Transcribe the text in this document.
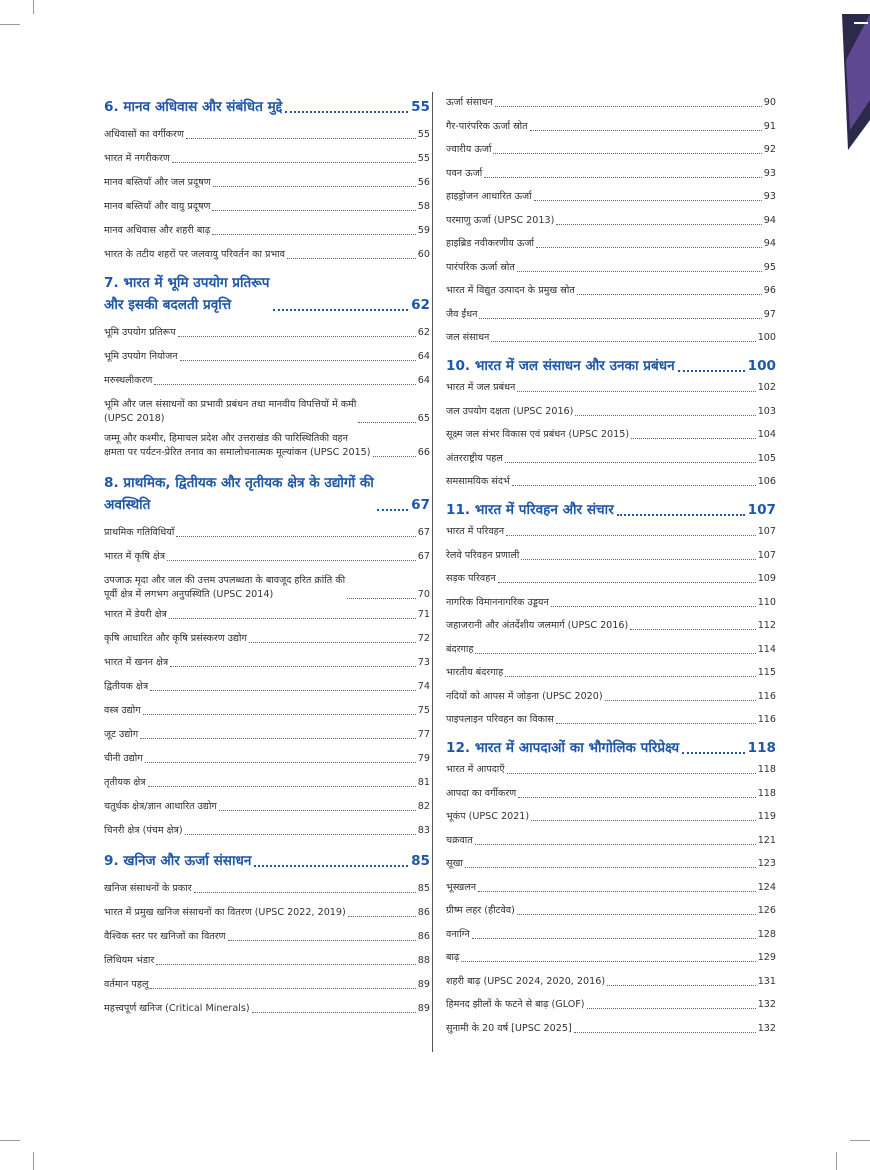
6. मानव अधिवास और संबंधित मुद्दे	55
अधिवासों का वर्गीकरण	55
भारत में नगरीकरण	55
मानव बस्तियाँ और जल प्रदूषण	56
मानव बस्तियाँ और वायु प्रदूषण	58
मानव अधिवास और शहरी बाढ़	59
भारत के तटीय शहरों पर जलवायु परिवर्तन का प्रभाव	60
7. भारत में भूमि उपयोग प्रतिरूप
और इसकी बदलती प्रवृत्ति	62
भूमि उपयोग प्रतिरूप	62
भूमि उपयोग नियोजन	64
मरुस्थलीकरण	64
भूमि और जल संसाधनों का प्रभावी प्रबंधन तथा मानवीय विपत्तियों में कमी
(UPSC 2018)	65
जम्मू और कश्मीर, हिमाचल प्रदेश और उत्तराखंड की पारिस्थितिकी वहन
क्षमता पर पर्यटन-प्रेरित तनाव का समालोचनात्मक मूल्यांकन (UPSC 2015)	66
8. प्राथमिक, द्वितीयक और तृतीयक क्षेत्र के उद्योगों की
अवस्थिति	67
प्राथमिक गतिविधियाँ	67
भारत में कृषि क्षेत्र	67
उपजाऊ मृदा और जल की उत्तम उपलब्धता के बावजूद हरित क्रांति की
पूर्वी क्षेत्र में लगभग अनुपस्थिति (UPSC 2014)	70
भारत में डेयरी क्षेत्र	71
कृषि आधारित और कृषि प्रसंस्करण उद्योग	72
भारत में खनन क्षेत्र	73
द्वितीयक क्षेत्र	74
वस्त्र उद्योग	75
जूट उद्योग	77
चीनी उद्योग	79
तृतीयक क्षेत्र	81
चतुर्थक क्षेत्र/ज्ञान आधारित उद्योग	82
चिनरी क्षेत्र (पंचम क्षेत्र)	83
9. खनिज और ऊर्जा संसाधन	85
खनिज संसाधनों के प्रकार	85
भारत में प्रमुख खनिज संसाधनों का वितरण (UPSC 2022, 2019)	86
वैश्विक स्तर पर खनिजों का वितरण	86
लिथियम भंडार	88
वर्तमान पहलू	89
महत्त्वपूर्ण खनिज (Critical Minerals)	89
ऊर्जा संसाधन	90
गैर-पारंपरिक ऊर्जा स्रोत	91
ज्वारीय ऊर्जा	92
पवन ऊर्जा	93
हाइड्रोजन आधारित ऊर्जा	93
परमाणु ऊर्जा (UPSC 2013)	94
हाइब्रिड नवीकरणीय ऊर्जा	94
पारंपरिक ऊर्जा स्रोत	95
भारत में विद्युत उत्पादन के प्रमुख स्रोत	96
जैव ईंधन	97
जल संसाधन	100
10. भारत में जल संसाधन और उनका प्रबंधन	100
भारत में जल प्रबंधन	102
जल उपयोग दक्षता (UPSC 2016)	103
सूक्ष्म जल संभर विकास एवं प्रबंधन (UPSC 2015)	104
अंतरराष्ट्रीय पहल	105
समसामयिक संदर्भ	106
11. भारत में परिवहन और संचार	107
भारत में परिवहन	107
रेलवे परिवहन प्रणाली	107
सड़क परिवहन	109
नागरिक विमाननागरिक उड्डयन	110
जहाजरानी और अंतर्देशीय जलमार्ग (UPSC 2016)	112
बंदरगाह	114
भारतीय बंदरगाह	115
नदियों को आपस में जोड़ना (UPSC 2020)	116
पाइपलाइन परिवहन का विकास	116
12. भारत में आपदाओं का भौगोलिक परिप्रेक्ष्य	118
भारत में आपदाएँ	118
आपदा का वर्गीकरण	118
भूकंप (UPSC 2021)	119
चक्रवात	121
सूखा	123
भूस्खलन	124
ग्रीष्म लहर (हीटवेव)	126
वनाग्नि	128
बाढ़	129
शहरी बाढ़ (UPSC 2024, 2020, 2016)	131
हिमनद झीलों के फटने से बाढ़ (GLOF)	132
सुनामी के 20 वर्ष [UPSC 2025]	132
